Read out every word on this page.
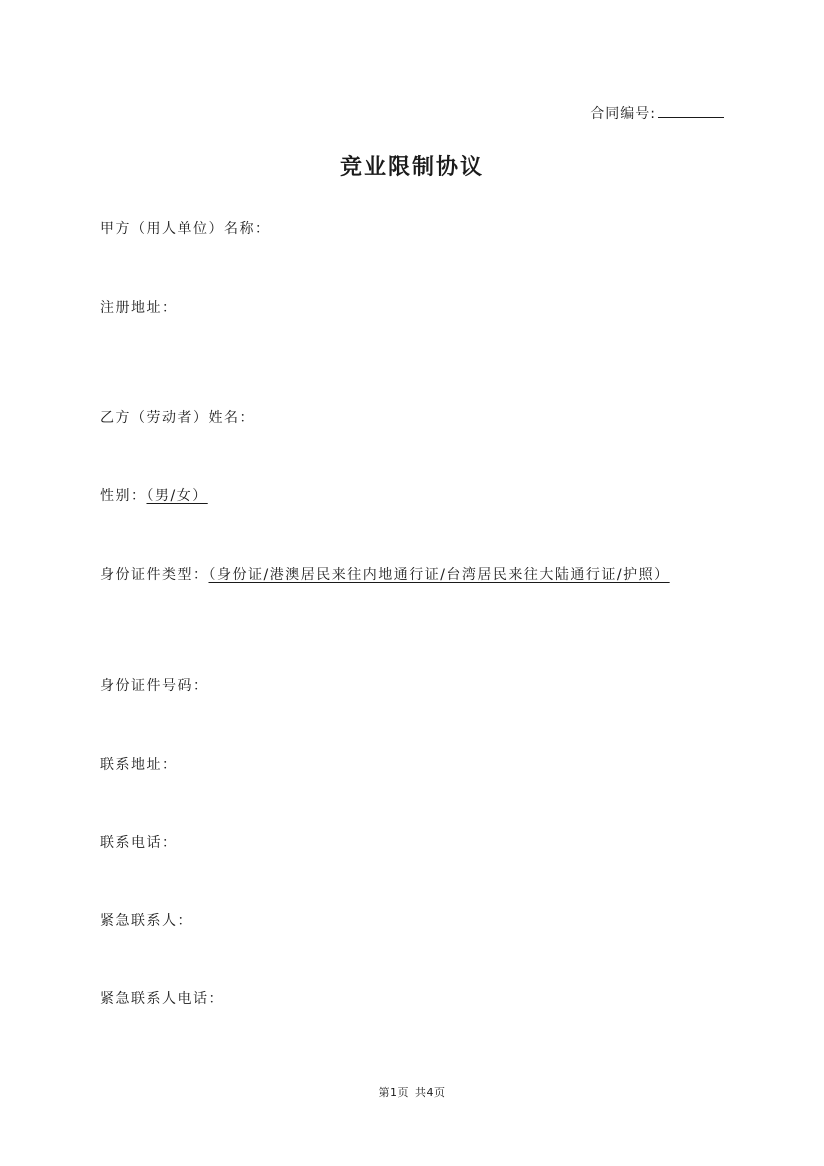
合同编号:
竞业限制协议
甲方（用人单位）名称：
注册地址：
乙方（劳动者）姓名：
性别：（男/女）
身份证件类型：（身份证/港澳居民来往内地通行证/台湾居民来往大陆通行证/护照）
身份证件号码：
联系地址：
联系电话：
紧急联系人：
紧急联系人电话：
第1页 共4页
